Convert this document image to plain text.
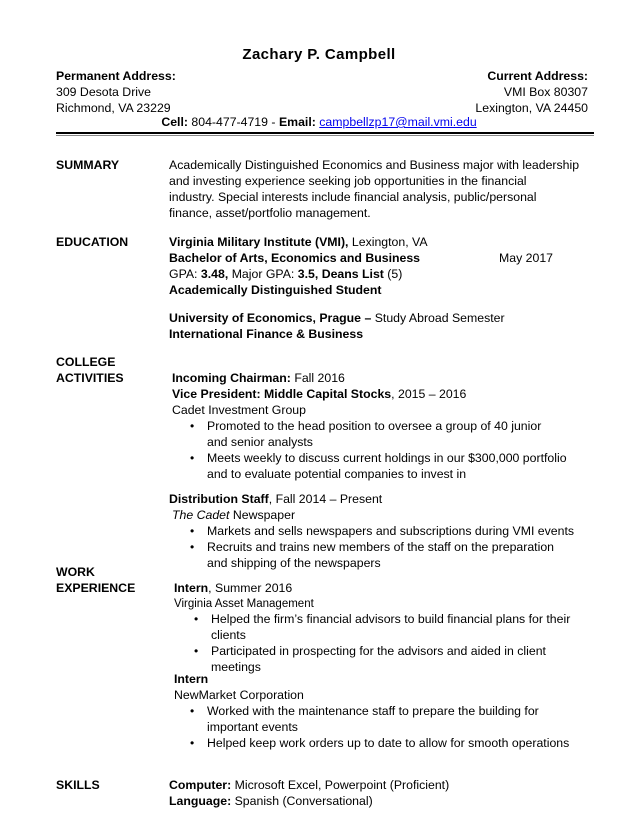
Zachary P. Campbell
Permanent Address:
309 Desota Drive
Richmond, VA 23229
Current Address:
VMI Box 80307
Lexington, VA 24450
Cell: 804-477-4719 - Email: campbellzp17@mail.vmi.edu
SUMMARY	Academically Distinguished Economics and Business major with leadership
and investing experience seeking job opportunities in the financial
industry. Special interests include financial analysis, public/personal
finance, asset/portfolio management.
EDUCATION	Virginia Military Institute (VMI), Lexington, VA
Bachelor of Arts, Economics and Business	May 2017
GPA: 3.48, Major GPA: 3.5, Deans List (5)
Academically Distinguished Student
University of Economics, Prague – Study Abroad Semester
International Finance & Business
COLLEGE
ACTIVITIES	Incoming Chairman: Fall 2016
Vice President: Middle Capital Stocks, 2015 – 2016
Cadet Investment Group
• Promoted to the head position to oversee a group of 40 junior
and senior analysts
• Meets weekly to discuss current holdings in our $300,000 portfolio
and to evaluate potential companies to invest in
Distribution Staff, Fall 2014 – Present
The Cadet Newspaper
• Markets and sells newspapers and subscriptions during VMI events
• Recruits and trains new members of the staff on the preparation
and shipping of the newspapers
WORK
EXPERIENCE	Intern, Summer 2016
Virginia Asset Management
• Helped the firm’s financial advisors to build financial plans for their
clients
• Participated in prospecting for the advisors and aided in client
meetings
Intern
NewMarket Corporation
• Worked with the maintenance staff to prepare the building for
important events
• Helped keep work orders up to date to allow for smooth operations
SKILLS	Computer: Microsoft Excel, Powerpoint (Proficient)
Language: Spanish (Conversational)
